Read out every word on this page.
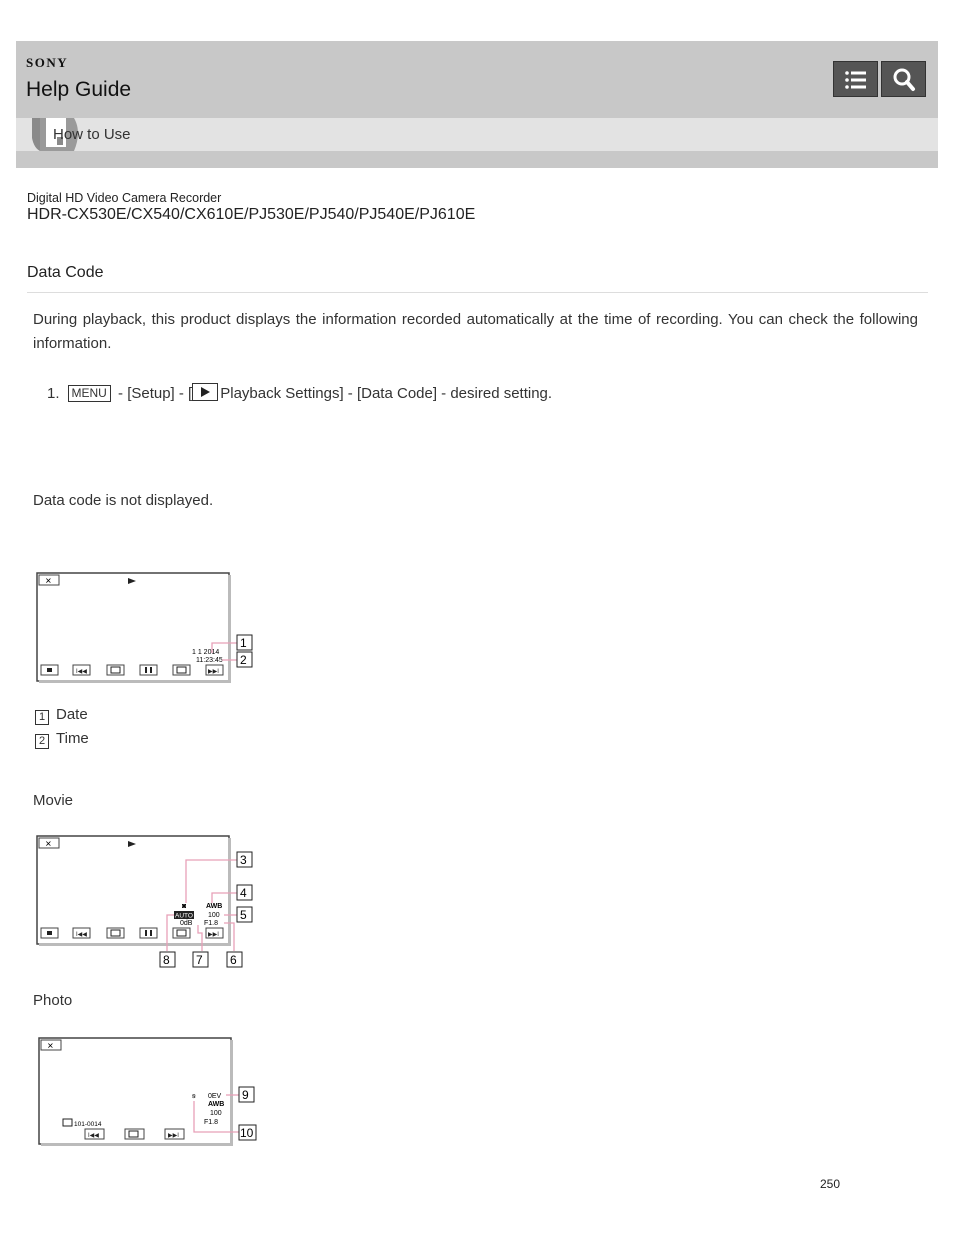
SONY
Help Guide
How to Use
Digital HD Video Camera Recorder
HDR-CX530E/CX540/CX610E/PJ530E/PJ540/PJ540E/PJ610E
Data Code
During playback, this product displays the information recorded automatically at the time of recording. You can check the following information.
1. MENU - [Setup] - [ Playback Settings] - [Data Code] - desired setting.
Data code is not displayed.
✕
1 1 2014
11:23:45
I◀◀	▶▶I
1
2
1 Date
2 Time
Movie
✕
◙	AWB
100
AUTO
0dB F1.8
I◀◀	▶▶I
3
4
5
6
7
8
Photo
✕
ꞩ 0EV
AWB
100
F1.8
101-0014
I◀◀	▶▶I
9
10
250
